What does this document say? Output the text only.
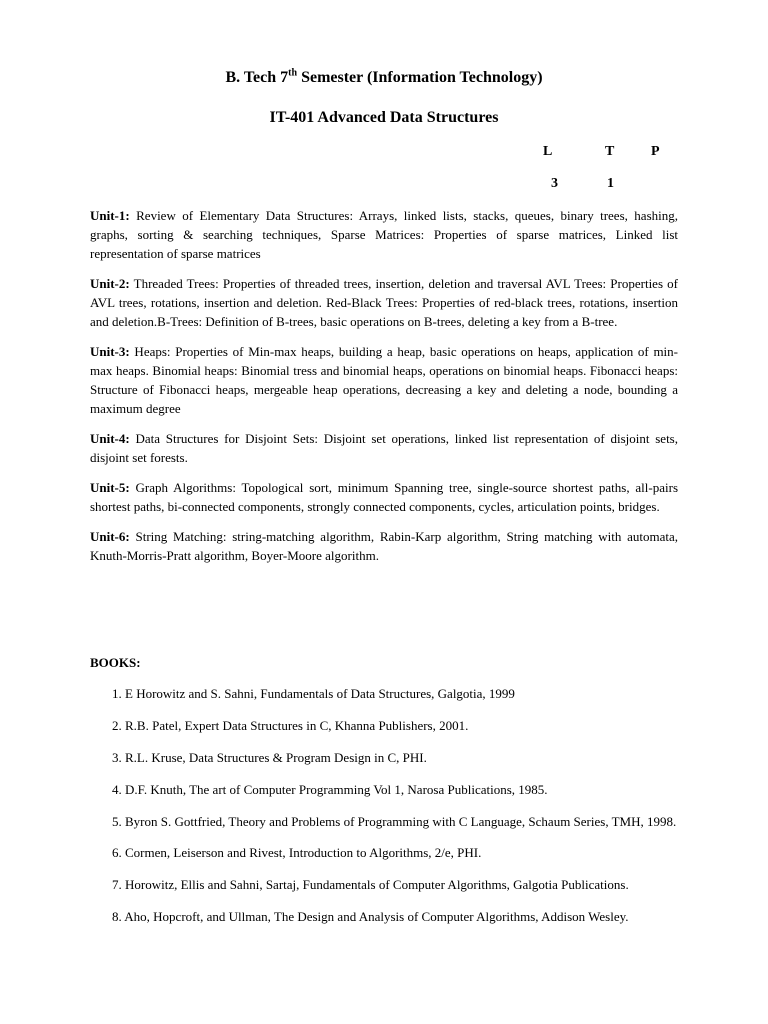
B. Tech 7th Semester (Information Technology)
IT-401 Advanced Data Structures
L	T	P
3	1

Unit-1: Review of Elementary Data Structures: Arrays, linked lists, stacks, queues, binary trees, hashing, graphs, sorting & searching techniques, Sparse Matrices: Properties of sparse matrices, Linked list representation of sparse matrices

Unit-2: Threaded Trees: Properties of threaded trees, insertion, deletion and traversal AVL Trees: Properties of AVL trees, rotations, insertion and deletion. Red-Black Trees: Properties of red-black trees, rotations, insertion and deletion.B-Trees: Definition of B-trees, basic operations on B-trees, deleting a key from a B-tree.

Unit-3: Heaps: Properties of Min-max heaps, building a heap, basic operations on heaps, application of min-max heaps. Binomial heaps: Binomial tress and binomial heaps, operations on binomial heaps. Fibonacci heaps: Structure of Fibonacci heaps, mergeable heap operations, decreasing a key and deleting a node, bounding a maximum degree

Unit-4: Data Structures for Disjoint Sets: Disjoint set operations, linked list representation of disjoint sets, disjoint set forests.

Unit-5: Graph Algorithms: Topological sort, minimum Spanning tree, single-source shortest paths, all-pairs shortest paths, bi-connected components, strongly connected components, cycles, articulation points, bridges.

Unit-6: String Matching: string-matching algorithm, Rabin-Karp algorithm, String matching with automata, Knuth-Morris-Pratt algorithm, Boyer-Moore algorithm.

BOOKS:

1. E Horowitz and S. Sahni, Fundamentals of Data Structures, Galgotia, 1999

2. R.B. Patel, Expert Data Structures in C, Khanna Publishers, 2001.

3. R.L. Kruse, Data Structures & Program Design in C, PHI.

4. D.F. Knuth, The art of Computer Programming Vol 1, Narosa Publications, 1985.

5. Byron S. Gottfried, Theory and Problems of Programming with C Language, Schaum Series, TMH, 1998.

6. Cormen, Leiserson and Rivest, Introduction to Algorithms, 2/e, PHI.

7. Horowitz, Ellis and Sahni, Sartaj, Fundamentals of Computer Algorithms, Galgotia Publications.

8. Aho, Hopcroft, and Ullman, The Design and Analysis of Computer Algorithms, Addison Wesley.
